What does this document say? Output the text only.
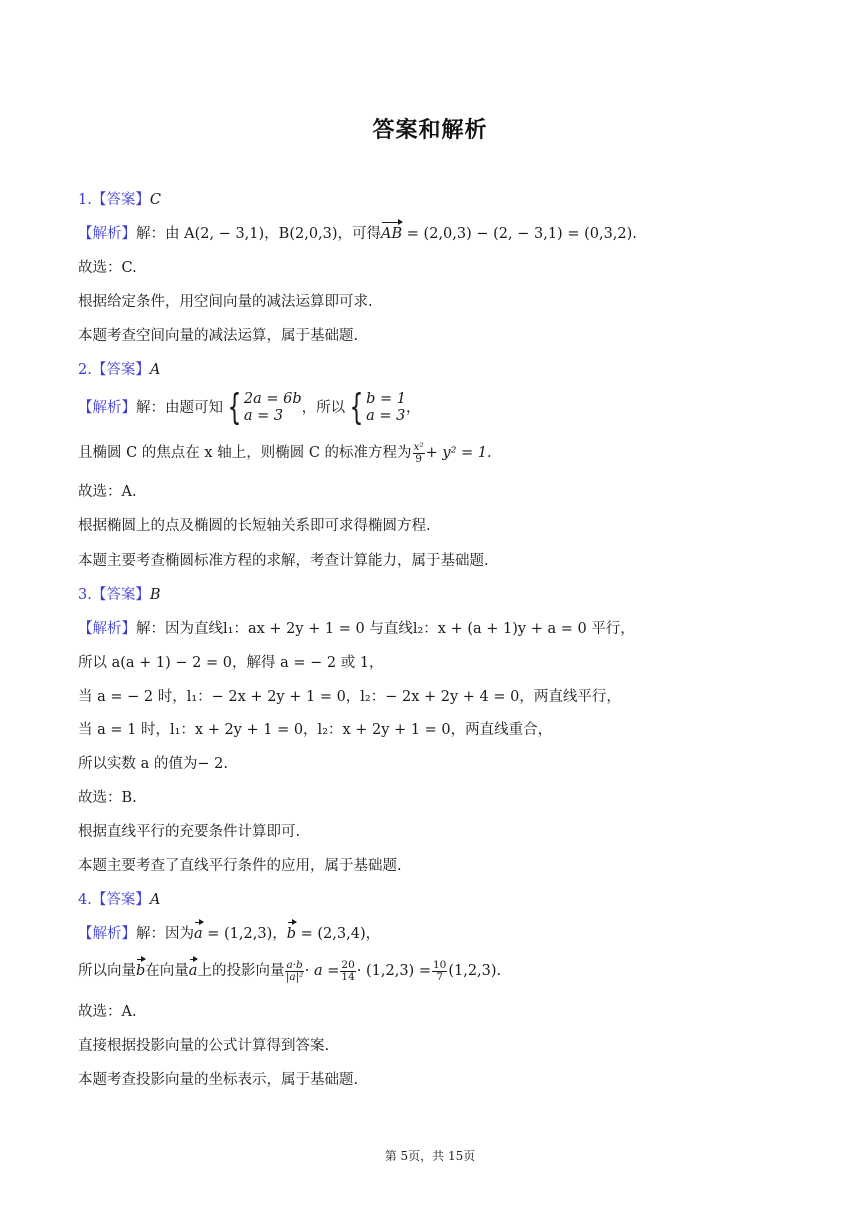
答案和解析
1.【答案】C
【解析】解：由 A(2, − 3,1)，B(2,0,3)，可得AB = (2,0,3) − (2, − 3,1) = (0,3,2).
故选：C.
根据给定条件，用空间向量的减法运算即可求.
本题考查空间向量的减法运算，属于基础题.
2.【答案】A
【解析】 解：由题可知 { 2a = 6b
a = 3	，所以 { b = 1
a = 3 ，
且椭圆 C 的焦点在 x 轴上，则椭圆 C 的标准方程为 $\frac{\text{x²}}{9} + y^2 = 1$.
故选：A.
根据椭圆上的点及椭圆的长短轴关系即可求得椭圆方程.
本题主要考查椭圆标准方程的求解，考查计算能力，属于基础题.
3.【答案】B
【解析】解：因为直线l₁：ax + 2y + 1 = 0 与直线l₂：x + (a + 1)y + a = 0 平行，
所以 a(a + 1) − 2 = 0，解得 a = − 2 或 1，
当 a = − 2 时，l₁：− 2x + 2y + 1 = 0，l₂：− 2x + 2y + 4 = 0，两直线平行，
当 a = 1 时，l₁：x + 2y + 1 = 0，l₂：x + 2y + 1 = 0，两直线重合，
所以实数 a 的值为− 2.
故选：B.
根据直线平行的充要条件计算即可.
本题主要考查了直线平行条件的应用，属于基础题.
4.【答案】A
【解析】解：因为a = (1,2,3)，b = (2,3,4)，
所以向量 b 在向量 a 上的投影向量 $\frac{a\cdot b}{\text{|a|²}} \cdot a = \frac{20}{14} \cdot (1,2,3) = \frac{10}{7} (1,2,3)$.
故选：A.
直接根据投影向量的公式计算得到答案.
本题考查投影向量的坐标表示，属于基础题.
第 5页，共 15页
